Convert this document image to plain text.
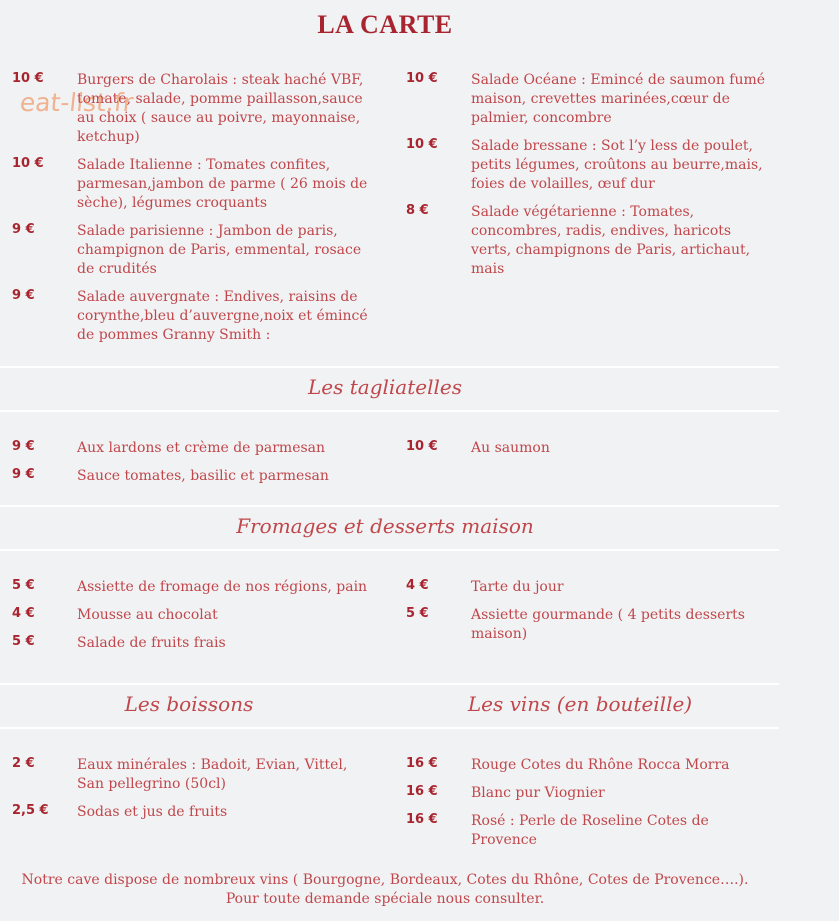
LA CARTE
eat-list.fr
10 € Burgers de Charolais : steak haché VBF, tomate, salade, pomme paillasson,sauce au choix ( sauce au poivre, mayonnaise, ketchup)
10 € Salade Italienne : Tomates confites, parmesan,jambon de parme ( 26 mois de sèche), légumes croquants
9 €	Salade parisienne : Jambon de paris, champignon de Paris, emmental, rosace de crudités
9 €	Salade auvergnate : Endives, raisins de corynthe,bleu d’auvergne,noix et émincé de pommes Granny Smith :
10 € Salade Océane : Emincé de saumon fumé maison, crevettes marinées,cœur de palmier, concombre
10 € Salade bressane : Sot l’y less de poulet, petits légumes, croûtons au beurre,mais, foies de volailles, œuf dur
8 €	Salade végétarienne : Tomates, concombres, radis, endives, haricots verts, champignons de Paris, artichaut, mais
Les tagliatelles
9 €	Aux lardons et crème de parmesan
9 €	Sauce tomates, basilic et parmesan
10 € Au saumon
Fromages et desserts maison
5 €	Assiette de fromage de nos régions, pain
4 €	Mousse au chocolat
5 €	Salade de fruits frais
4 €	Tarte du jour
5 €	Assiette gourmande ( 4 petits desserts maison)
Les boissons	Les vins (en bouteille)
2 €	Eaux minérales : Badoit, Evian, Vittel, San pellegrino (50cl)
2,5 € Sodas et jus de fruits
16 € Rouge Cotes du Rhône Rocca Morra
16 € Blanc pur Viognier
16 € Rosé : Perle de Roseline Cotes de Provence
Notre cave dispose de nombreux vins ( Bourgogne, Bordeaux, Cotes du Rhône, Cotes de Provence….).
Pour toute demande spéciale nous consulter.
